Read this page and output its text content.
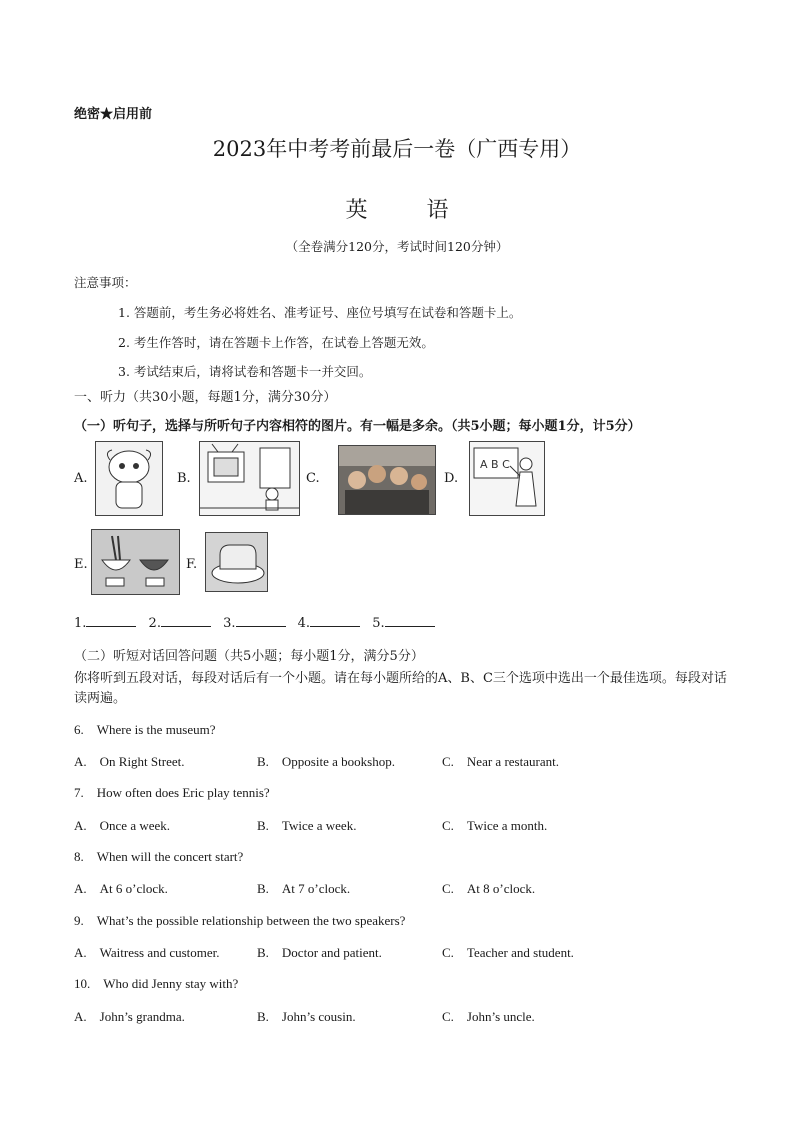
绝密★启用前
2023年中考考前最后一卷（广西专用）
英 语
（全卷满分120分，考试时间120分钟）
注意事项：
1. 答题前，考生务必将姓名、准考证号、座位号填写在试卷和答题卡上。
2. 考生作答时，请在答题卡上作答，在试卷上答题无效。
3. 考试结束后，请将试卷和答题卡一并交回。
一、听力（共30小题，每题1分，满分30分）
（一）听句子，选择与所听句子内容相符的图片。有一幅是多余。（共5小题；每小题1分，计5分）
A.	B.	C.	D.
A B C
E.	F.
1.	2.	3.	4.	5.
（二）听短对话回答问题（共5小题；每小题1分，满分5分）
你将听到五段对话，每段对话后有一个小题。请在每小题所给的A、B、C三个选项中选出一个最佳选项。每段对话读两遍。
6.　Where is the museum?
A.　On Right Street.	B.　Opposite a bookshop.	C.　Near a restaurant.
7.　How often does Eric play tennis?
A.　Once a week.	B.　Twice a week.	C.　Twice a month.
8.　When will the concert start?
A.　At 6 o’clock.	B.　At 7 o’clock.	C.　At 8 o’clock.
9.　What’s the possible relationship between the two speakers?
A.　Waitress and customer.	B.　Doctor and patient.	C.　Teacher and student.
10.　Who did Jenny stay with?
A.　John’s grandma.	B.　John’s cousin.	C.　John’s uncle.
